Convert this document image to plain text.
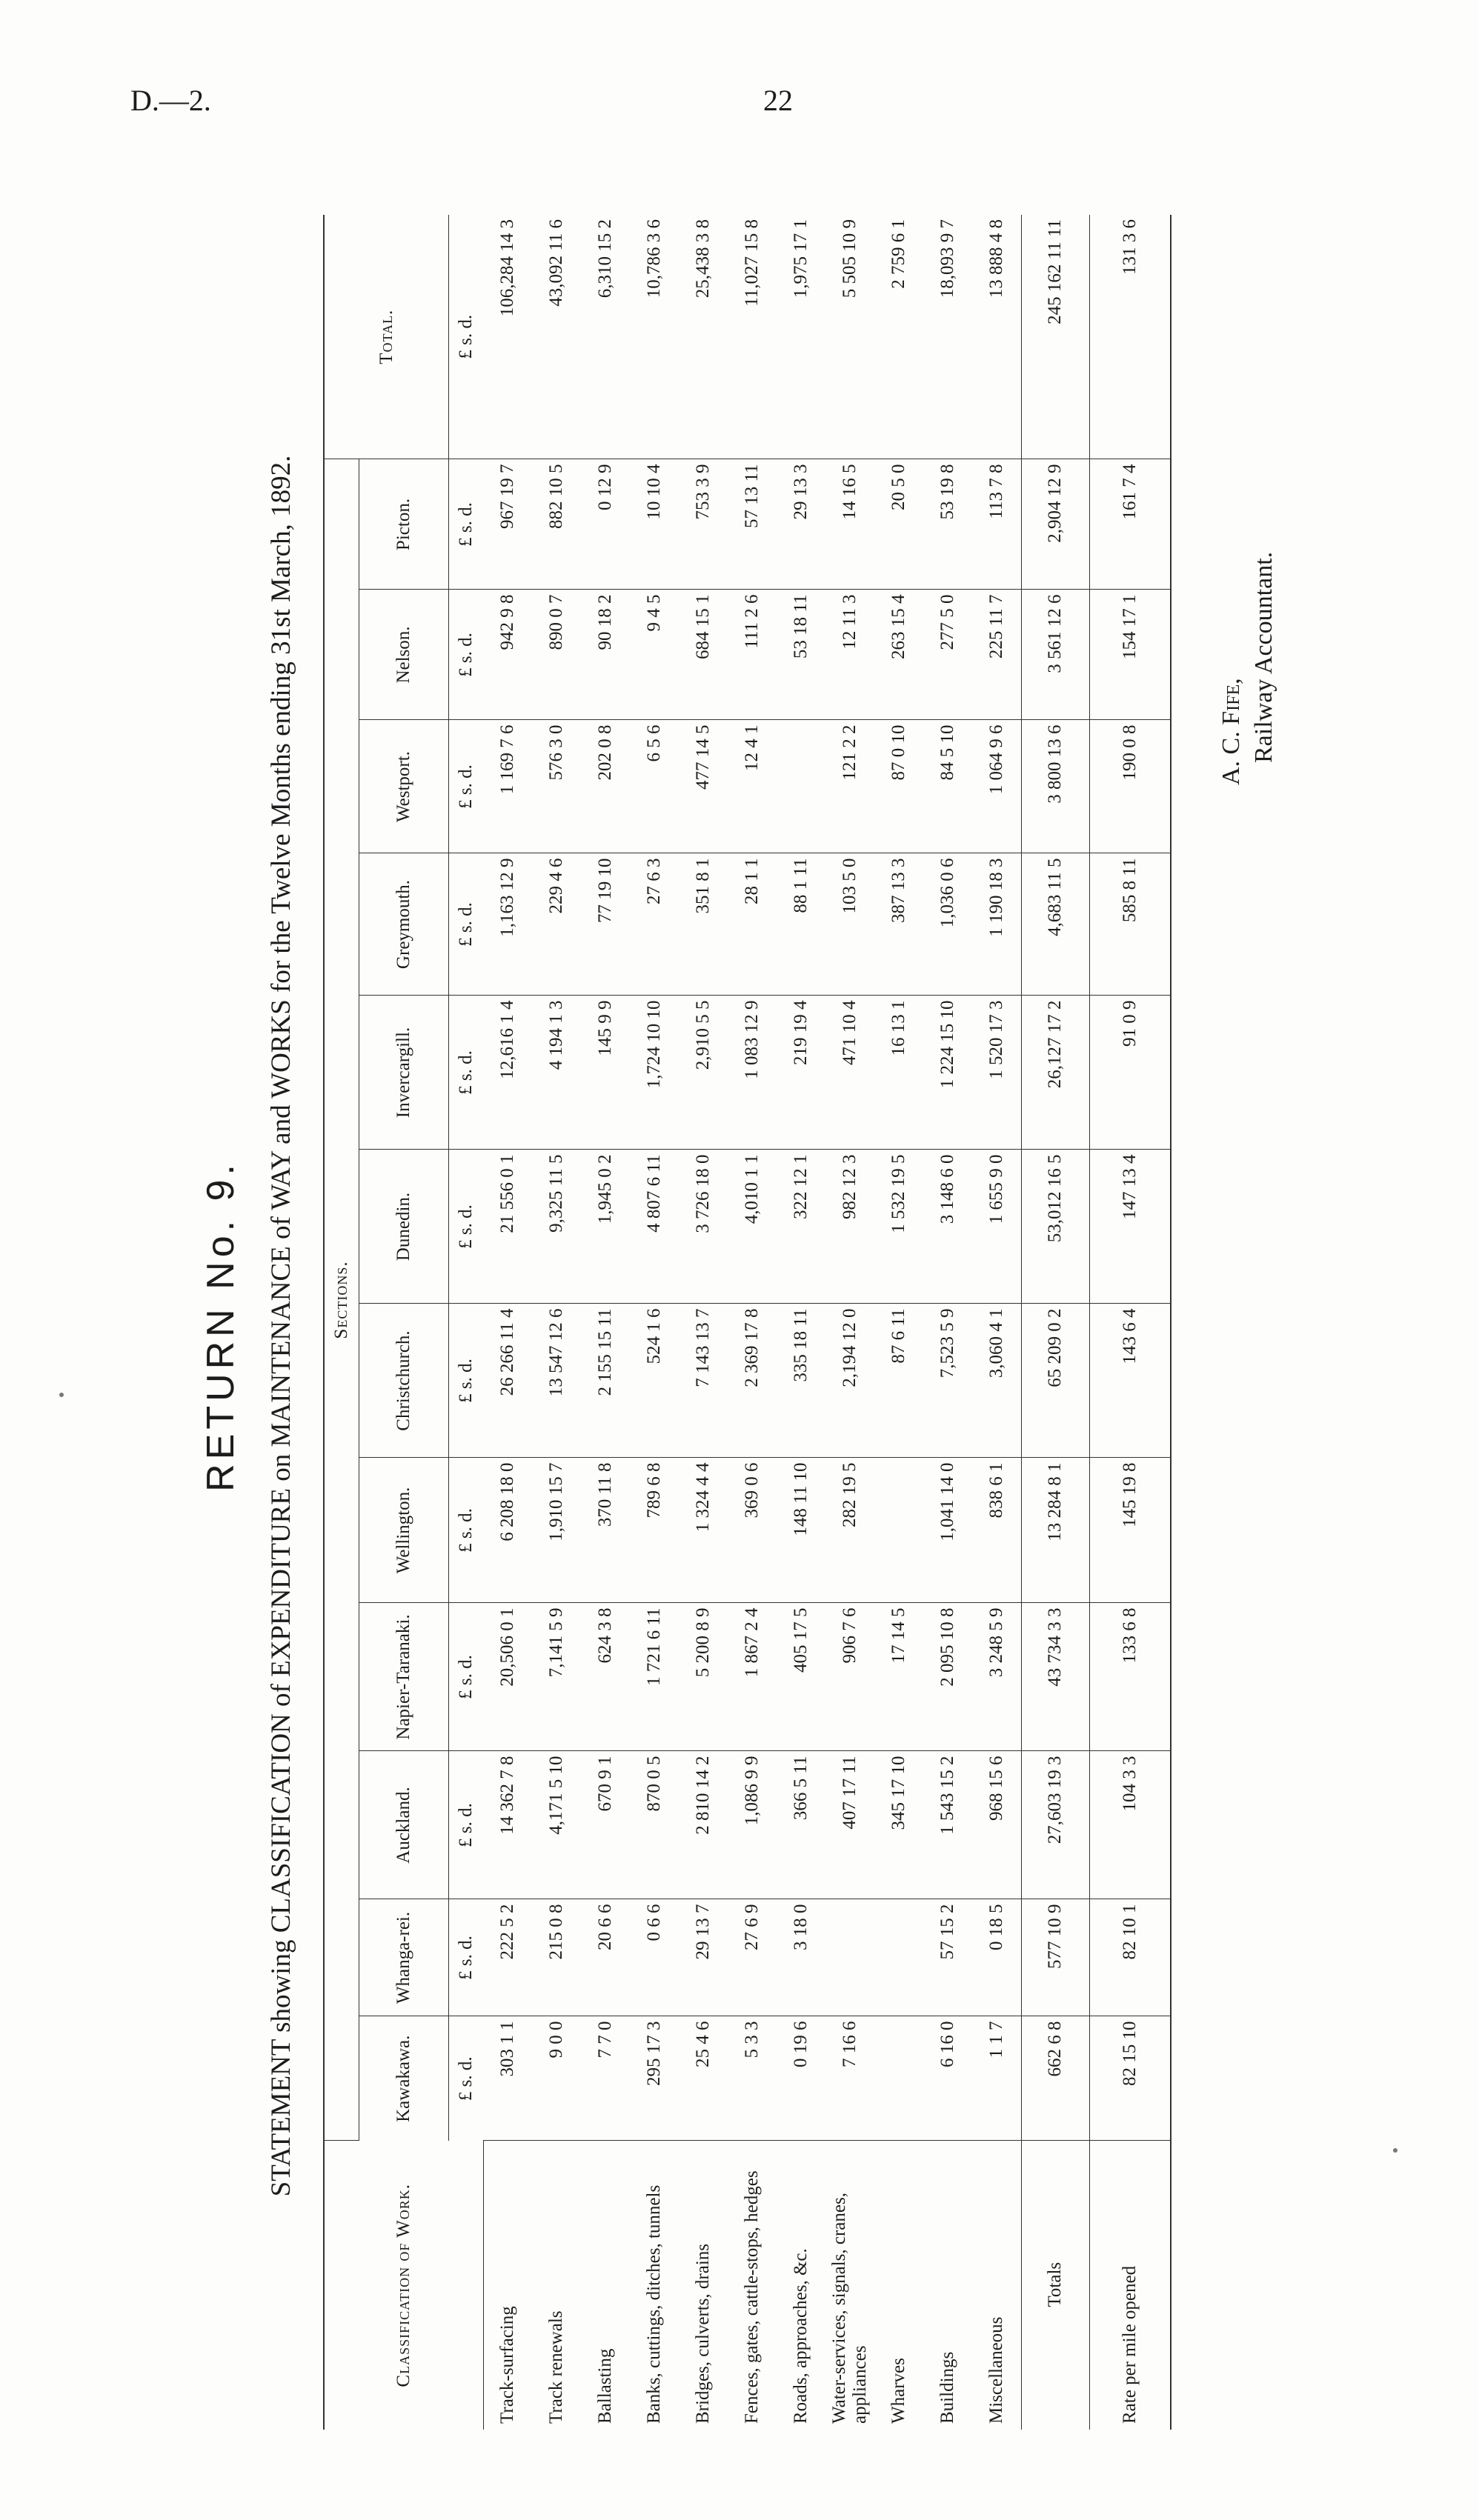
D.—2.	22
RETURN No. 9. STATEMENT showing CLASSIFICATION of EXPENDITURE on MAINTENANCE of WAY and WORKS for the Twelve Months ending 31st March, 1892.
Classification of Work.	Sections.												Total.
	Kawakawa.	Whanga-rei.	Auckland.	Napier-Taranaki.	Wellington.	Christchurch.	Dunedin.	Invercargill.	Greymouth.	Westport.	Nelson.	Picton.	
	£ s. d.	£ s. d.	£ s. d.	£ s. d.	£ s. d.	£ s. d.	£ s. d.	£ s. d.	£ s. d.	£ s. d.	£ s. d.	£ s. d.	£ s. d.
Track-surfacing	303 1 1	222 5 2	14 362 7 8	20,506 0 1	6 208 18 0	26 266 11 4	21 556 0 1	12,616 1 4	1,163 12 9	1 169 7 6	942 9 8	967 19 7	106,284 14 3
Track renewals	9 0 0	215 0 8	4,171 5 10	7,141 5 9	1,910 15 7	13 547 12 6	9,325 11 5	4 194 1 3	229 4 6	576 3 0	890 0 7	882 10 5	43,092 11 6
Ballasting	7 7 0	20 6 6	670 9 1	624 3 8	370 11 8	2 155 15 11	1,945 0 2	145 9 9	77 19 10	202 0 8	90 18 2	0 12 9	6,310 15 2
Banks, cuttings, ditches, tunnels	295 17 3	0 6 6	870 0 5	1 721 6 11	789 6 8	524 1 6	4 807 6 11	1,724 10 10	27 6 3	6 5 6	9 4 5	10 10 4	10,786 3 6
Bridges, culverts, drains	25 4 6	29 13 7	2 810 14 2	5 200 8 9	1 324 4 4	7 143 13 7	3 726 18 0	2,910 5 5	351 8 1	477 14 5	684 15 1	753 3 9	25,438 3 8
Fences, gates, cattle-stops, hedges	5 3 3	27 6 9	1,086 9 9	1 867 2 4	369 0 6	2 369 17 8	4,010 1 1	1 083 12 9	28 1 1	12 4 1	111 2 6	57 13 11	11,027 15 8
Roads, approaches, &c.	0 19 6	3 18 0	366 5 11	405 17 5	148 11 10	335 18 11	322 12 1	219 19 4	88 1 11		53 18 11	29 13 3	1,975 17 1
Water-services, signals, cranes, appliances	7 16 6		407 17 11	906 7 6	282 19 5	2,194 12 0	982 12 3	471 10 4	103 5 0	121 2 2	12 11 3	14 16 5	5 505 10 9
Wharves			345 17 10	17 14 5		87 6 11	1 532 19 5	16 13 1	387 13 3	87 0 10	263 15 4	20 5 0	2 759 6 1
Buildings	6 16 0	57 15 2	1 543 15 2	2 095 10 8	1,041 14 0	7,523 5 9	3 148 6 0	1 224 15 10	1,036 0 6	84 5 10	277 5 0	53 19 8	18,093 9 7
Miscellaneous	1 1 7	0 18 5	968 15 6	3 248 5 9	838 6 1	3,060 4 1	1 655 9 0	1 520 17 3	1 190 18 3	1 064 9 6	225 11 7	113 7 8	13 888 4 8
Totals	662 6 8	577 10 9	27,603 19 3	43 734 3 3	13 284 8 1	65 209 0 2	53,012 16 5	26,127 17 2	4,683 11 5	3 800 13 6	3 561 12 6	2,904 12 9	245 162 11 11
Rate per mile opened	82 15 10	82 10 1	104 3 3	133 6 8	145 19 8	143 6 4	147 13 4	91 0 9	585 8 11	190 0 8	154 17 1	161 7 4	131 3 6
A. C. Fife, Railway Accountant.
